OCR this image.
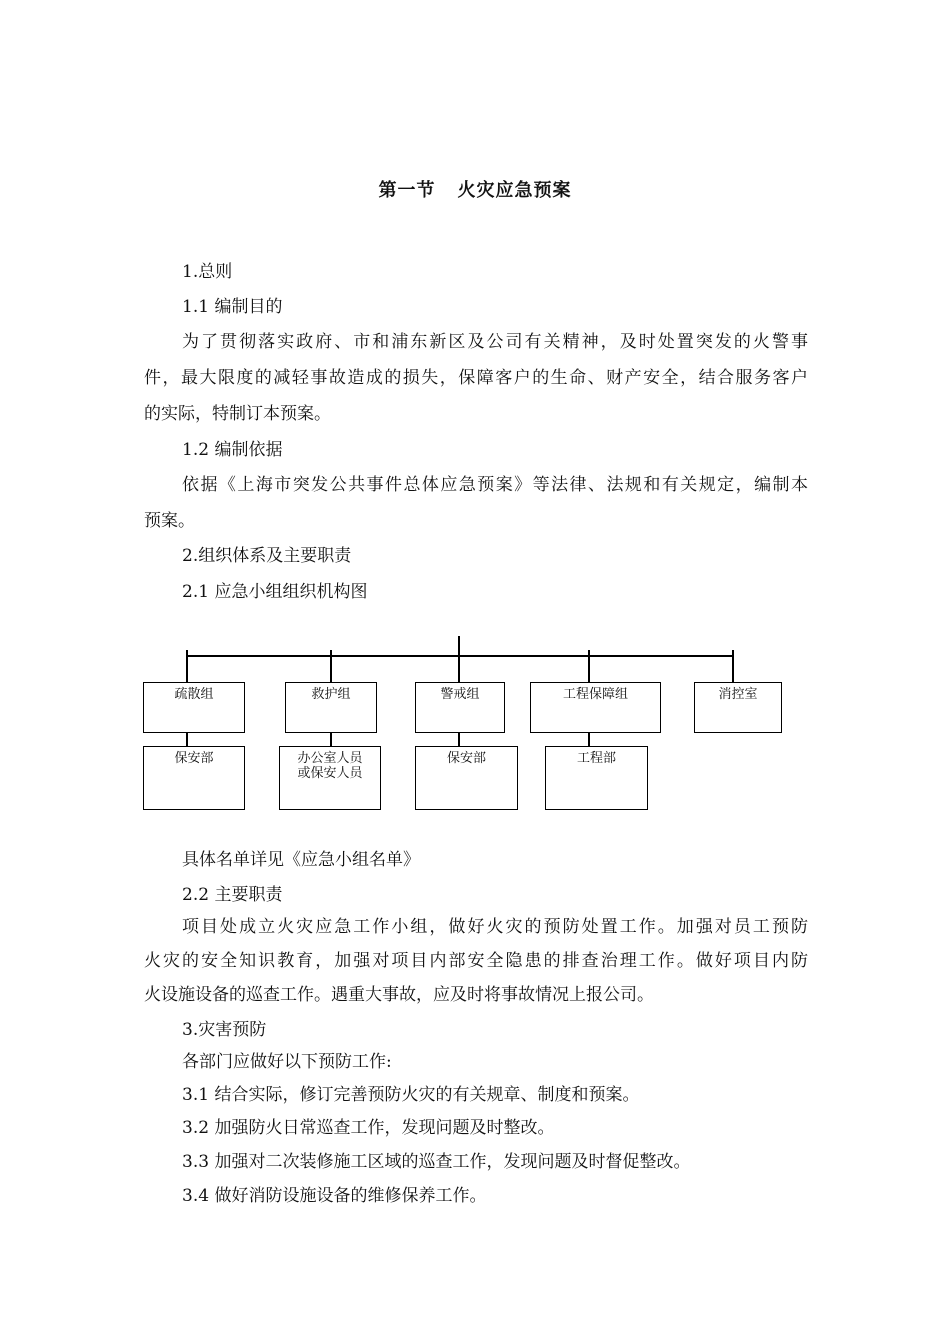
第一节 火灾应急预案
1.总则
1.1 编制目的
为了贯彻落实政府、市和浦东新区及公司有关精神，及时处置突发的火警事
件，最大限度的减轻事故造成的损失，保障客户的生命、财产安全，结合服务客户
的实际，特制订本预案。
1.2 编制依据
依据《上海市突发公共事件总体应急预案》等法律、法规和有关规定，编制本
预案。
2.组织体系及主要职责
2.1 应急小组组织机构图
疏散组	救护组	警戒组	工程保障组	消控室
保安部	办公室人员
或保安人员
保安部	工程部
具体名单详见《应急小组名单》
2.2 主要职责
项目处成立火灾应急工作小组，做好火灾的预防处置工作。加强对员工预防
火灾的安全知识教育，加强对项目内部安全隐患的排查治理工作。做好项目内防
火设施设备的巡查工作。遇重大事故，应及时将事故情况上报公司。
3.灾害预防
各部门应做好以下预防工作:
3.1 结合实际，修订完善预防火灾的有关规章、制度和预案。
3.2 加强防火日常巡查工作，发现问题及时整改。
3.3 加强对二次装修施工区域的巡查工作，发现问题及时督促整改。
3.4 做好消防设施设备的维修保养工作。
